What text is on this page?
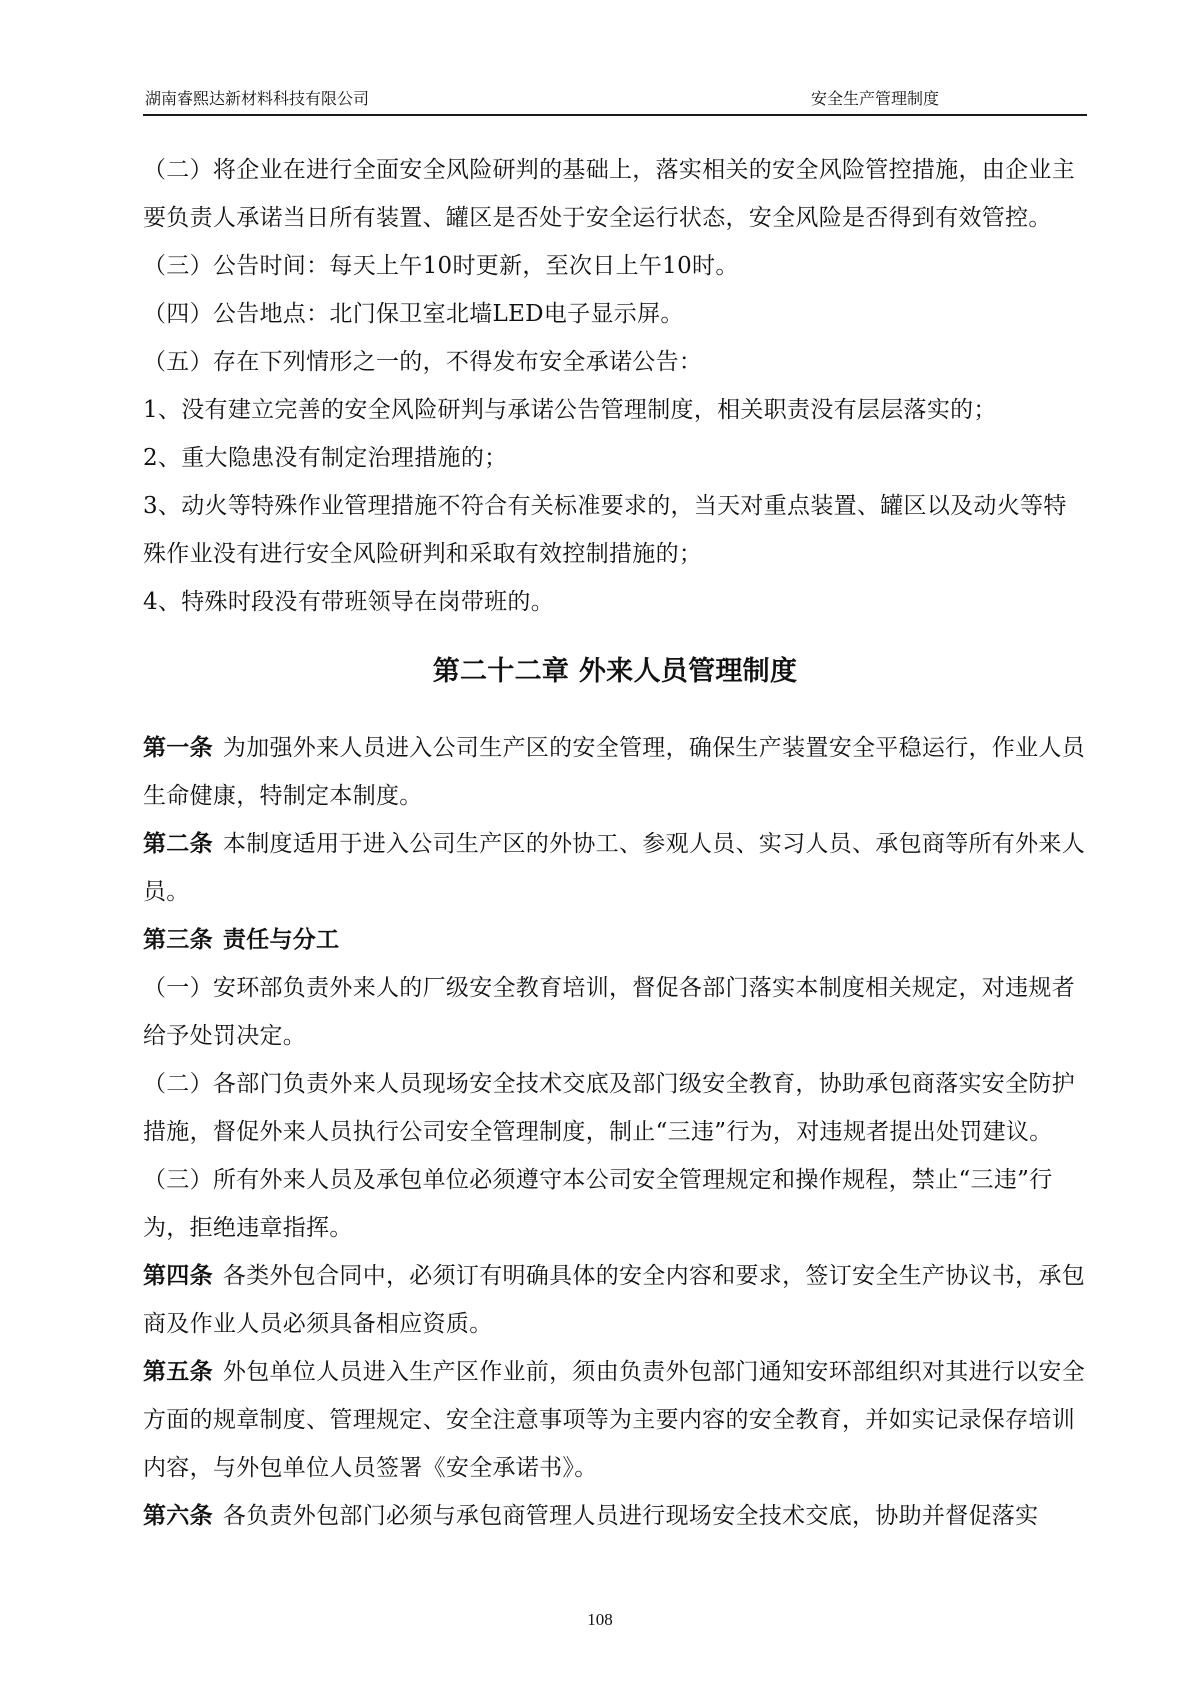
湖南睿熙达新材料科技有限公司	安全生产管理制度

（二）将企业在进行全面安全风险研判的基础上，落实相关的安全风险管控措施，由企业主要负责人承诺当日所有装置、罐区是否处于安全运行状态，安全风险是否得到有效管控。

（三）公告时间：每天上午10时更新，至次日上午10时。

（四）公告地点：北门保卫室北墙LED电子显示屏。

（五）存在下列情形之一的，不得发布安全承诺公告：

1、没有建立完善的安全风险研判与承诺公告管理制度，相关职责没有层层落实的；

2、重大隐患没有制定治理措施的；

3、动火等特殊作业管理措施不符合有关标准要求的，当天对重点装置、罐区以及动火等特殊作业没有进行安全风险研判和采取有效控制措施的；

4、特殊时段没有带班领导在岗带班的。

第二十二章 外来人员管理制度

第一条 为加强外来人员进入公司生产区的安全管理，确保生产装置安全平稳运行，作业人员生命健康，特制定本制度。

第二条 本制度适用于进入公司生产区的外协工、参观人员、实习人员、承包商等所有外来人员。

第三条 责任与分工

（一）安环部负责外来人的厂级安全教育培训，督促各部门落实本制度相关规定，对违规者给予处罚决定。

（二）各部门负责外来人员现场安全技术交底及部门级安全教育，协助承包商落实安全防护措施，督促外来人员执行公司安全管理制度，制止“三违”行为，对违规者提出处罚建议。

（三）所有外来人员及承包单位必须遵守本公司安全管理规定和操作规程，禁止“三违”行为，拒绝违章指挥。

第四条 各类外包合同中，必须订有明确具体的安全内容和要求，签订安全生产协议书，承包商及作业人员必须具备相应资质。

第五条 外包单位人员进入生产区作业前，须由负责外包部门通知安环部组织对其进行以安全方面的规章制度、管理规定、安全注意事项等为主要内容的安全教育，并如实记录保存培训内容，与外包单位人员签署《安全承诺书》。

第六条 各负责外包部门必须与承包商管理人员进行现场安全技术交底，协助并督促落实

108
